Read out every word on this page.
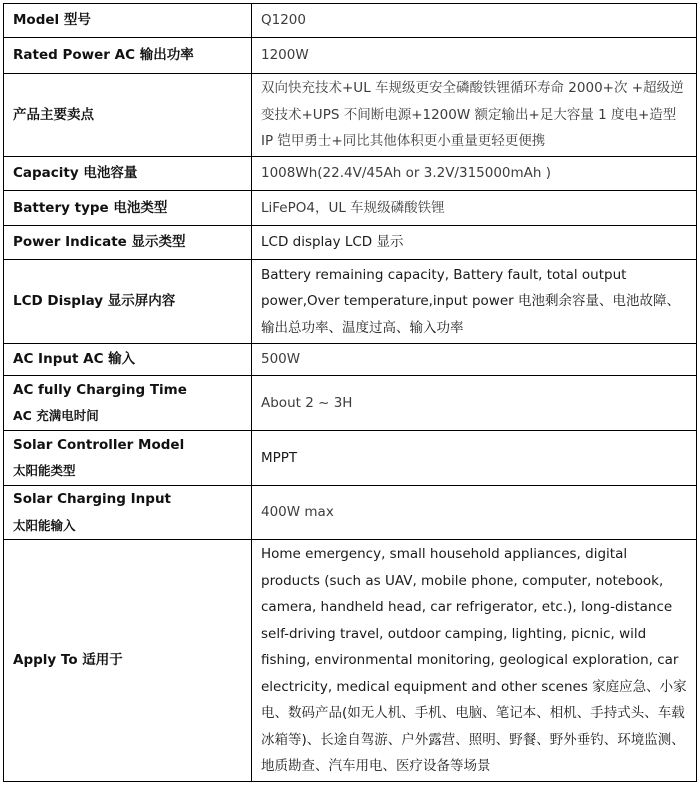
Model 型号	Q1200
Rated Power AC 输出功率	1200W
产品主要卖点	双向快充技术+UL 车规级更安全磷酸铁锂循环寿命 2000+次 +超级逆变技术+UPS 不间断电源+1200W 额定输出+足大容量 1 度电+造型 IP 铠甲勇士+同比其他体积更小重量更轻更便携
Capacity 电池容量	1008Wh(22.4V/45Ah or 3.2V/315000mAh )
Battery type 电池类型	LiFePO4，UL 车规级磷酸铁锂
Power Indicate 显示类型	LCD display LCD 显示
LCD Display 显示屏内容	Battery remaining capacity, Battery fault, total output power,Over temperature,input power 电池剩余容量、电池故障、输出总功率、温度过高、输入功率
AC Input AC 输入	500W

AC fully Charging Time
AC 充满电时间	About 2 ~ 3H

Solar Controller Model
太阳能类型	MPPT

Solar Charging Input
太阳能输入	400W max
Apply To 适用于	Home emergency, small household appliances, digital products (such as UAV, mobile phone, computer, notebook, camera, handheld head, car refrigerator, etc.), long-distance self-driving travel, outdoor camping, lighting, picnic, wild fishing, environmental monitoring, geological exploration, car electricity, medical equipment and other scenes 家庭应急、小家电、数码产品(如无人机、手机、电脑、笔记本、相机、手持式头、车载冰箱等)、长途自驾游、户外露营、照明、野餐、野外垂钓、环境监测、地质勘查、汽车用电、医疗设备等场景
